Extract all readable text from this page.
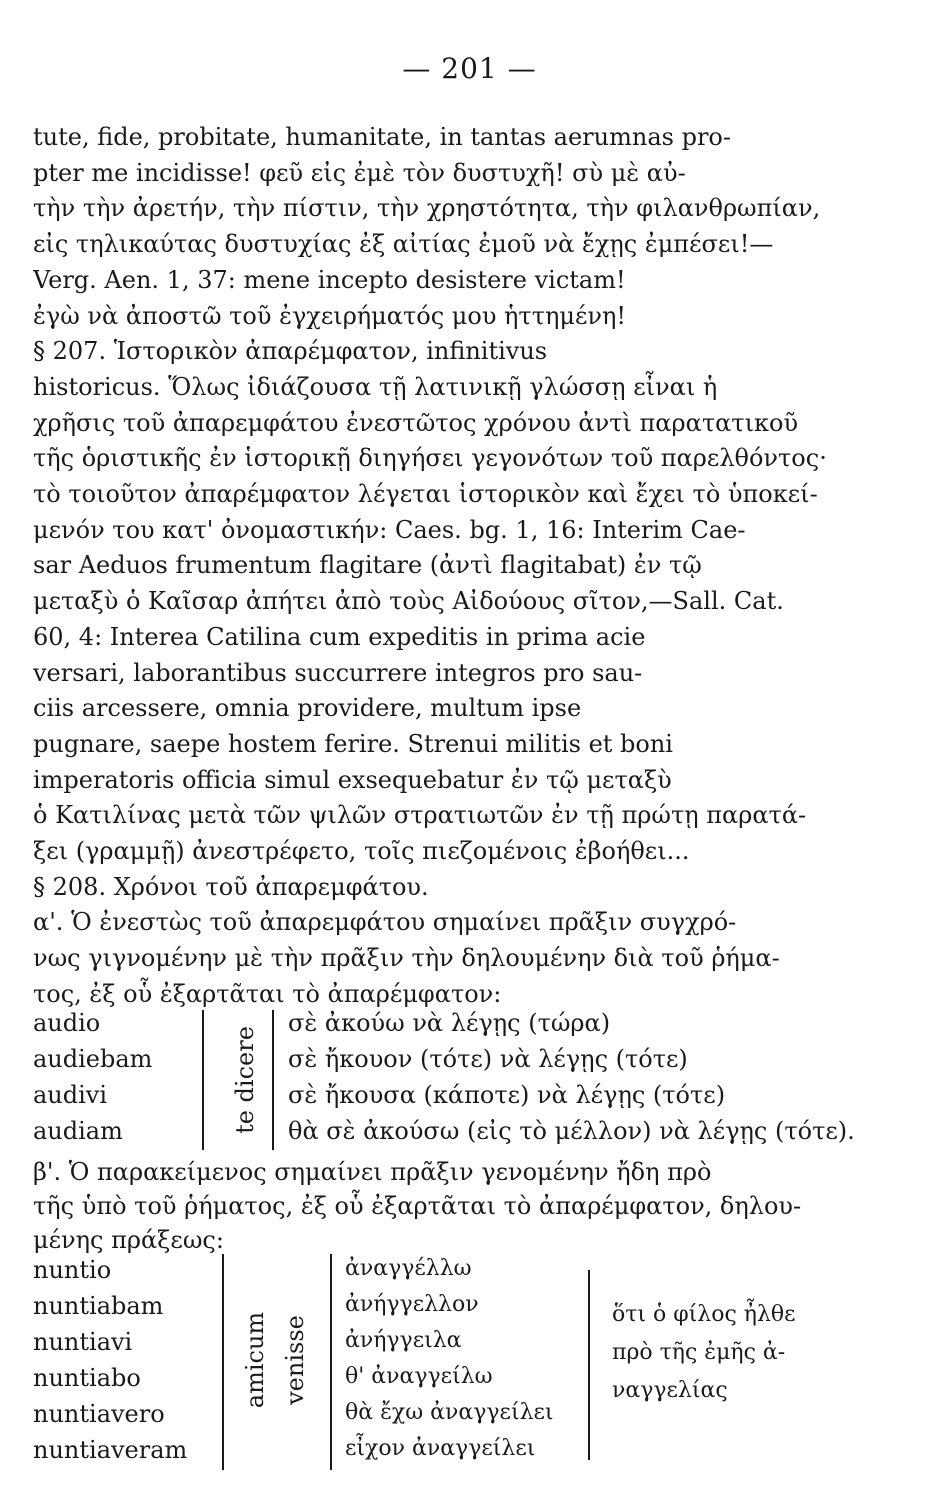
— 201 —
tute, fide, probitate, humanitate, in tantas aerumnas pro-
pter me incidisse! φεῦ εἰς ἐμὲ τὸν δυστυχῆ! σὺ μὲ αὐ-
τὴν τὴν ἀρετήν, τὴν πίστιν, τὴν χρηστότητα, τὴν φιλανθρωπίαν,
εἰς τηλικαύτας δυστυχίας ἐξ αἰτίας ἐμοῦ νὰ ἔχῃς ἐμπέσει!—
Verg. Aen. 1, 37: mene incepto desistere victam!
ἐγὼ νὰ ἀποστῶ τοῦ ἐγχειρήματός μου ἡττημένη!
§ 207. Ἱστορικὸν ἀπαρέμφατον, infinitivus
historicus. Ὅλως ἰδιάζουσα τῇ λατινικῇ γλώσσῃ εἶναι ἡ
χρῆσις τοῦ ἀπαρεμφάτου ἐνεστῶτος χρόνου ἀντὶ παρατατικοῦ
τῆς ὁριστικῆς ἐν ἱστορικῇ διηγήσει γεγονότων τοῦ παρελθόντος·
τὸ τοιοῦτον ἀπαρέμφατον λέγεται ἱστορικὸν καὶ ἔχει τὸ ὑποκεί-
μενόν του κατ' ὀνομαστικήν: Caes. bg. 1, 16: Interim Cae-
sar Aeduos frumentum flagitare (ἀντὶ flagitabat) ἐν τῷ
μεταξὺ ὁ Καῖσαρ ἀπήτει ἀπὸ τοὺς Αἰδούους σῖτον,—Sall. Cat.
60, 4: Interea Catilina cum expeditis in prima acie
versari, laborantibus succurrere integros pro sau-
ciis arcessere, omnia providere, multum ipse
pugnare, saepe hostem ferire. Strenui militis et boni
imperatoris officia simul exsequebatur ἐν τῷ μεταξὺ
ὁ Κατιλίνας μετὰ τῶν ψιλῶν στρατιωτῶν ἐν τῇ πρώτῃ παρατά-
ξει (γραμμῇ) ἀνεστρέφετο, τοῖς πιεζομένοις ἐβοήθει...
§ 208. Χρόνοι τοῦ ἀπαρεμφάτου.
α'. Ὁ ἐνεστὼς τοῦ ἀπαρεμφάτου σημαίνει πρᾶξιν συγχρό-
νως γιγνομένην μὲ τὴν πρᾶξιν τὴν δηλουμένην διὰ τοῦ ῥήμα-
τος, ἐξ οὗ ἐξαρτᾶται τὸ ἀπαρέμφατον:
audio
audiebam
audivi
audiam	te dicere
σὲ ἀκούω νὰ λέγῃς (τώρα)
σὲ ἤκουον (τότε) νὰ λέγῃς (τότε)
σὲ ἤκουσα (κάποτε) νὰ λέγῃς (τότε)
θὰ σὲ ἀκούσω (εἰς τὸ μέλλον) νὰ λέγῃς (τότε).
β'. Ὁ παρακείμενος σημαίνει πρᾶξιν γενομένην ἤδη πρὸ
τῆς ὑπὸ τοῦ ῥήματος, ἐξ οὗ ἐξαρτᾶται τὸ ἀπαρέμφατον, δηλου-
μένης πράξεως:
nuntio
nuntiabam
nuntiavi
nuntiabo
nuntiavero
nuntiaveram
amicum venisse
ἀναγγέλλω
ἀνήγγελλον
ἀνήγγειλα
θ' ἀναγγείλω
θὰ ἔχω ἀναγγείλει
εἶχον ἀναγγείλει
ὅτι ὁ φίλος ἦλθε
πρὸ τῆς ἐμῆς ἀ-
ναγγελίας
